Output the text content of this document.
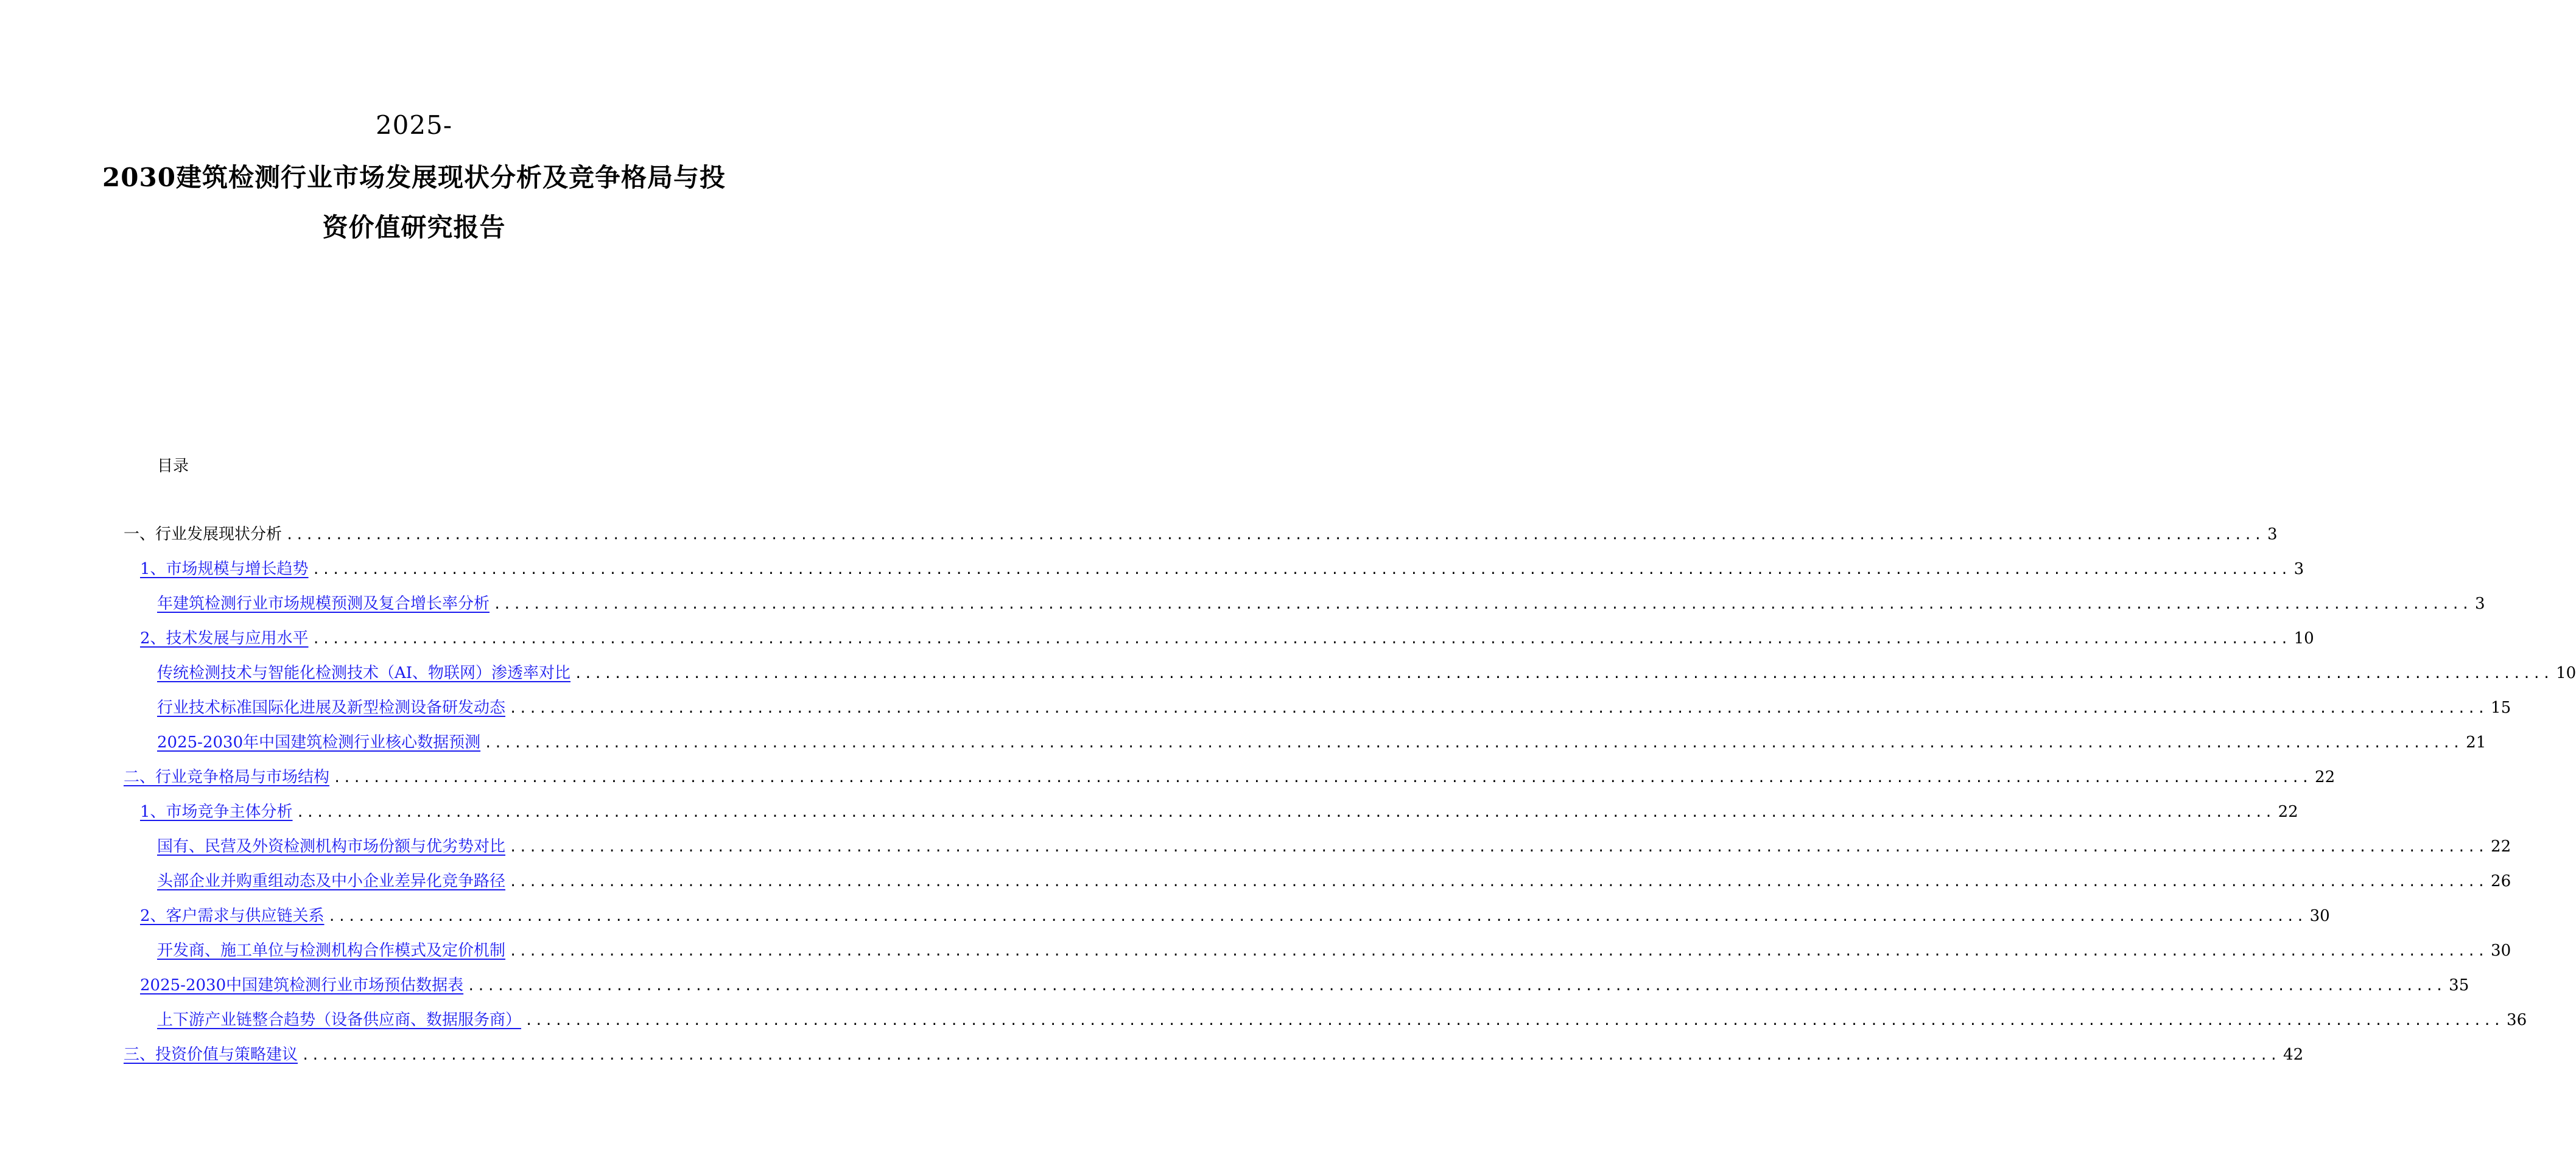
2025-
2030建筑检测行业市场发展现状分析及竞争格局与投
资价值研究报告
目录
一、行业发展现状分析 ........................................................................................................................................................................................................ 3
1、市场规模与增长趋势 ........................................................................................................................................................................................................ 3
年建筑检测行业市场规模预测及复合增长率分析 ........................................................................................................................................................................................................ 3
2、技术发展与应用水平 ........................................................................................................................................................................................................ 10
传统检测技术与智能化检测技术（AI、物联网）渗透率对比 ........................................................................................................................................................................................................ 10
行业技术标准国际化进展及新型检测设备研发动态 ........................................................................................................................................................................................................ 15
2025-2030年中国建筑检测行业核心数据预测 ........................................................................................................................................................................................................ 21
二、行业竞争格局与市场结构 ........................................................................................................................................................................................................ 22
1、市场竞争主体分析 ........................................................................................................................................................................................................ 22
国有、民营及外资检测机构市场份额与优劣势对比 ........................................................................................................................................................................................................ 22
头部企业并购重组动态及中小企业差异化竞争路径 ........................................................................................................................................................................................................ 26
2、客户需求与供应链关系 ........................................................................................................................................................................................................ 30
开发商、施工单位与检测机构合作模式及定价机制 ........................................................................................................................................................................................................ 30
2025-2030中国建筑检测行业市场预估数据表 ........................................................................................................................................................................................................ 35
上下游产业链整合趋势（设备供应商、数据服务商） ........................................................................................................................................................................................................ 36
三、投资价值与策略建议 ........................................................................................................................................................................................................ 42
